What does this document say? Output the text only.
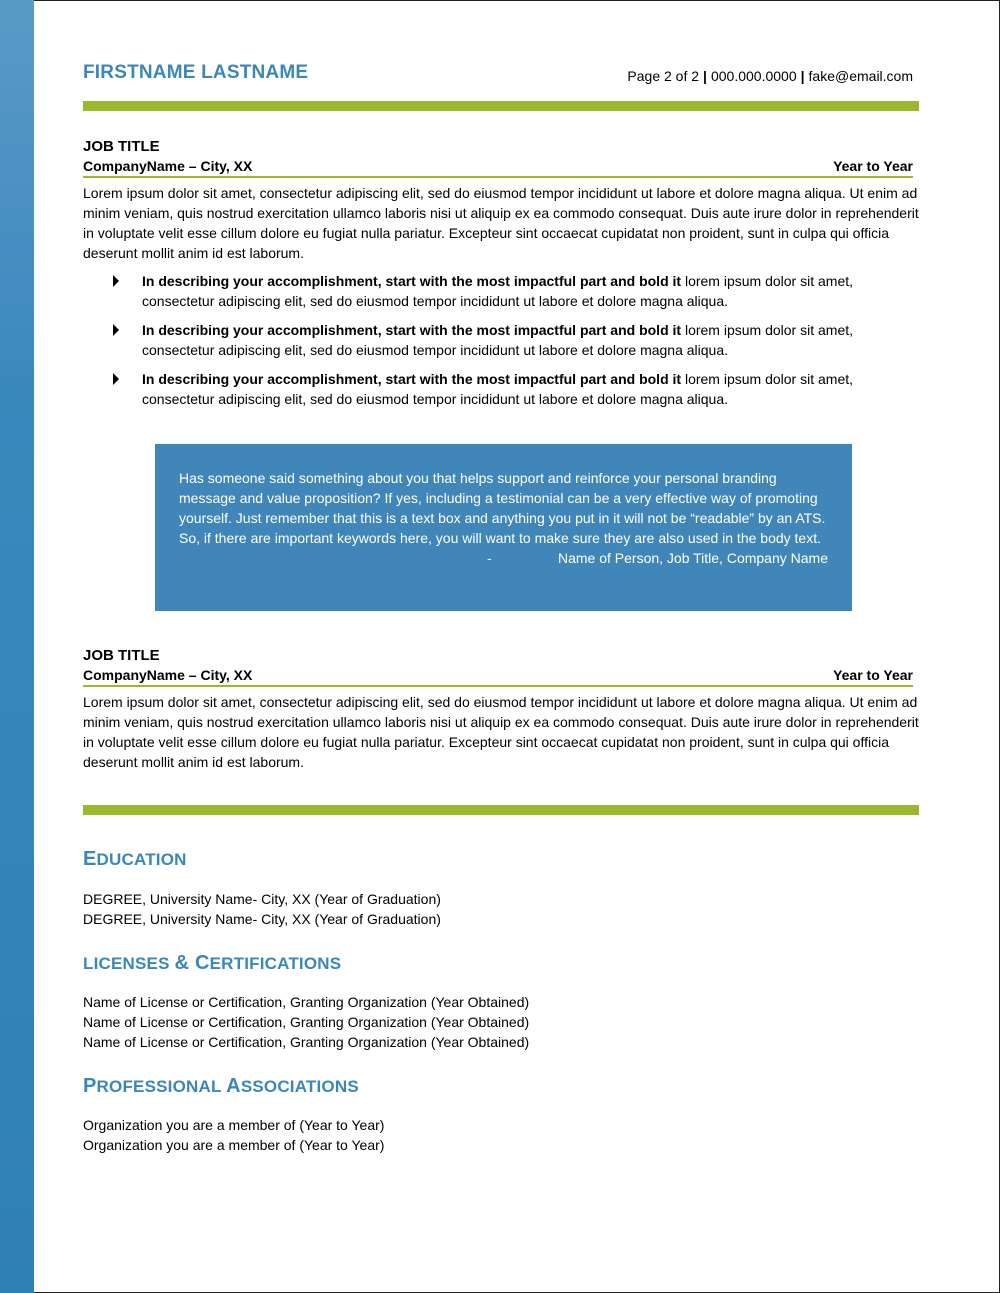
FIRSTNAME LASTNAME	Page 2 of 2 | 000.000.0000 | fake@email.com
JOB TITLE
CompanyName – City, XX	Year to Year
Lorem ipsum dolor sit amet, consectetur adipiscing elit, sed do eiusmod tempor incididunt ut labore et dolore magna aliqua. Ut enim ad minim veniam, quis nostrud exercitation ullamco laboris nisi ut aliquip ex ea commodo consequat. Duis aute irure dolor in reprehenderit in voluptate velit esse cillum dolore eu fugiat nulla pariatur. Excepteur sint occaecat cupidatat non proident, sunt in culpa qui officia deserunt mollit anim id est laborum.
In describing your accomplishment, start with the most impactful part and bold it lorem ipsum dolor sit amet, consectetur adipiscing elit, sed do eiusmod tempor incididunt ut labore et dolore magna aliqua.
In describing your accomplishment, start with the most impactful part and bold it lorem ipsum dolor sit amet, consectetur adipiscing elit, sed do eiusmod tempor incididunt ut labore et dolore magna aliqua.
In describing your accomplishment, start with the most impactful part and bold it lorem ipsum dolor sit amet, consectetur adipiscing elit, sed do eiusmod tempor incididunt ut labore et dolore magna aliqua.
JOB TITLE
CompanyName – City, XX	Year to Year
Lorem ipsum dolor sit amet, consectetur adipiscing elit, sed do eiusmod tempor incididunt ut labore et dolore magna aliqua. Ut enim ad minim veniam, quis nostrud exercitation ullamco laboris nisi ut aliquip ex ea commodo consequat. Duis aute irure dolor in reprehenderit in voluptate velit esse cillum dolore eu fugiat nulla pariatur. Excepteur sint occaecat cupidatat non proident, sunt in culpa qui officia deserunt mollit anim id est laborum.
EDUCATION
DEGREE, University Name- City, XX (Year of Graduation)
DEGREE, University Name- City, XX (Year of Graduation)
LICENSES & CERTIFICATIONS
Name of License or Certification, Granting Organization (Year Obtained)
Name of License or Certification, Granting Organization (Year Obtained)
Name of License or Certification, Granting Organization (Year Obtained)
PROFESSIONAL ASSOCIATIONS
Organization you are a member of (Year to Year)
Organization you are a member of (Year to Year)
Has someone said something about you that helps support and reinforce your personal branding message and value proposition? If yes, including a testimonial can be a very effective way of promoting yourself. Just remember that this is a text box and anything you put in it will not be “readable” by an ATS. So, if there are important keywords here, you will want to make sure they are also used in the body text.
-	Name of Person, Job Title, Company Name
